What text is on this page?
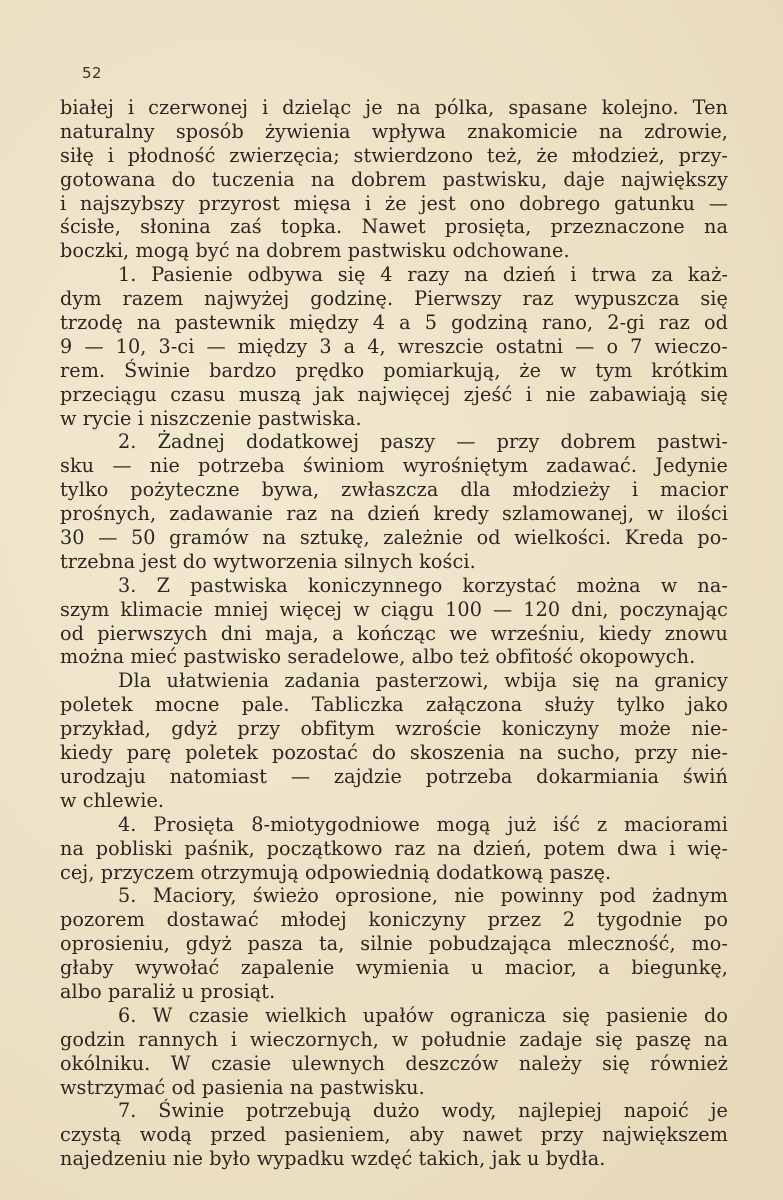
52
białej i czerwonej i dzieląc je na pólka, spasane kolejno. Ten
naturalny sposób żywienia wpływa znakomicie na zdrowie,
siłę i płodność zwierzęcia; stwierdzono też, że młodzież, przy-
gotowana do tuczenia na dobrem pastwisku, daje największy
i najszybszy przyrost mięsa i że jest ono dobrego gatunku —
ścisłe, słonina zaś topka. Nawet prosięta, przeznaczone na
boczki, mogą być na dobrem pastwisku odchowane.
1. Pasienie odbywa się 4 razy na dzień i trwa za każ-
dym razem najwyżej godzinę. Pierwszy raz wypuszcza się
trzodę na pastewnik między 4 a 5 godziną rano, 2-gi raz od
9 — 10, 3-ci — między 3 a 4, wreszcie ostatni — o 7 wieczo-
rem. Świnie bardzo prędko pomiarkują, że w tym krótkim
przeciągu czasu muszą jak najwięcej zjeść i nie zabawiają się
w rycie i niszczenie pastwiska.
2. Żadnej dodatkowej paszy — przy dobrem pastwi-
sku — nie potrzeba świniom wyrośniętym zadawać. Jedynie
tylko pożyteczne bywa, zwłaszcza dla młodzieży i macior
prośnych, zadawanie raz na dzień kredy szlamowanej, w ilości
30 — 50 gramów na sztukę, zależnie od wielkości. Kreda po-
trzebna jest do wytworzenia silnych kości.
3. Z pastwiska koniczynnego korzystać można w na-
szym klimacie mniej więcej w ciągu 100 — 120 dni, poczynając
od pierwszych dni maja, a kończąc we wrześniu, kiedy znowu
można mieć pastwisko seradelowe, albo też obfitość okopowych.
Dla ułatwienia zadania pasterzowi, wbija się na granicy
poletek mocne pale. Tabliczka załączona służy tylko jako
przykład, gdyż przy obfitym wzroście koniczyny może nie-
kiedy parę poletek pozostać do skoszenia na sucho, przy nie-
urodzaju natomiast — zajdzie potrzeba dokarmiania świń
w chlewie.
4. Prosięta 8-miotygodniowe mogą już iść z maciorami
na pobliski paśnik, początkowo raz na dzień, potem dwa i wię-
cej, przyczem otrzymują odpowiednią dodatkową paszę.
5. Maciory, świeżo oprosione, nie powinny pod żadnym
pozorem dostawać młodej koniczyny przez 2 tygodnie po
oprosieniu, gdyż pasza ta, silnie pobudzająca mleczność, mo-
głaby wywołać zapalenie wymienia u macior, a biegunkę,
albo paraliż u prosiąt.
6. W czasie wielkich upałów ogranicza się pasienie do
godzin rannych i wieczornych, w południe zadaje się paszę na
okólniku. W czasie ulewnych deszczów należy się również
wstrzymać od pasienia na pastwisku.
7. Świnie potrzebują dużo wody, najlepiej napoić je
czystą wodą przed pasieniem, aby nawet przy największem
najedzeniu nie było wypadku wzdęć takich, jak u bydła.
